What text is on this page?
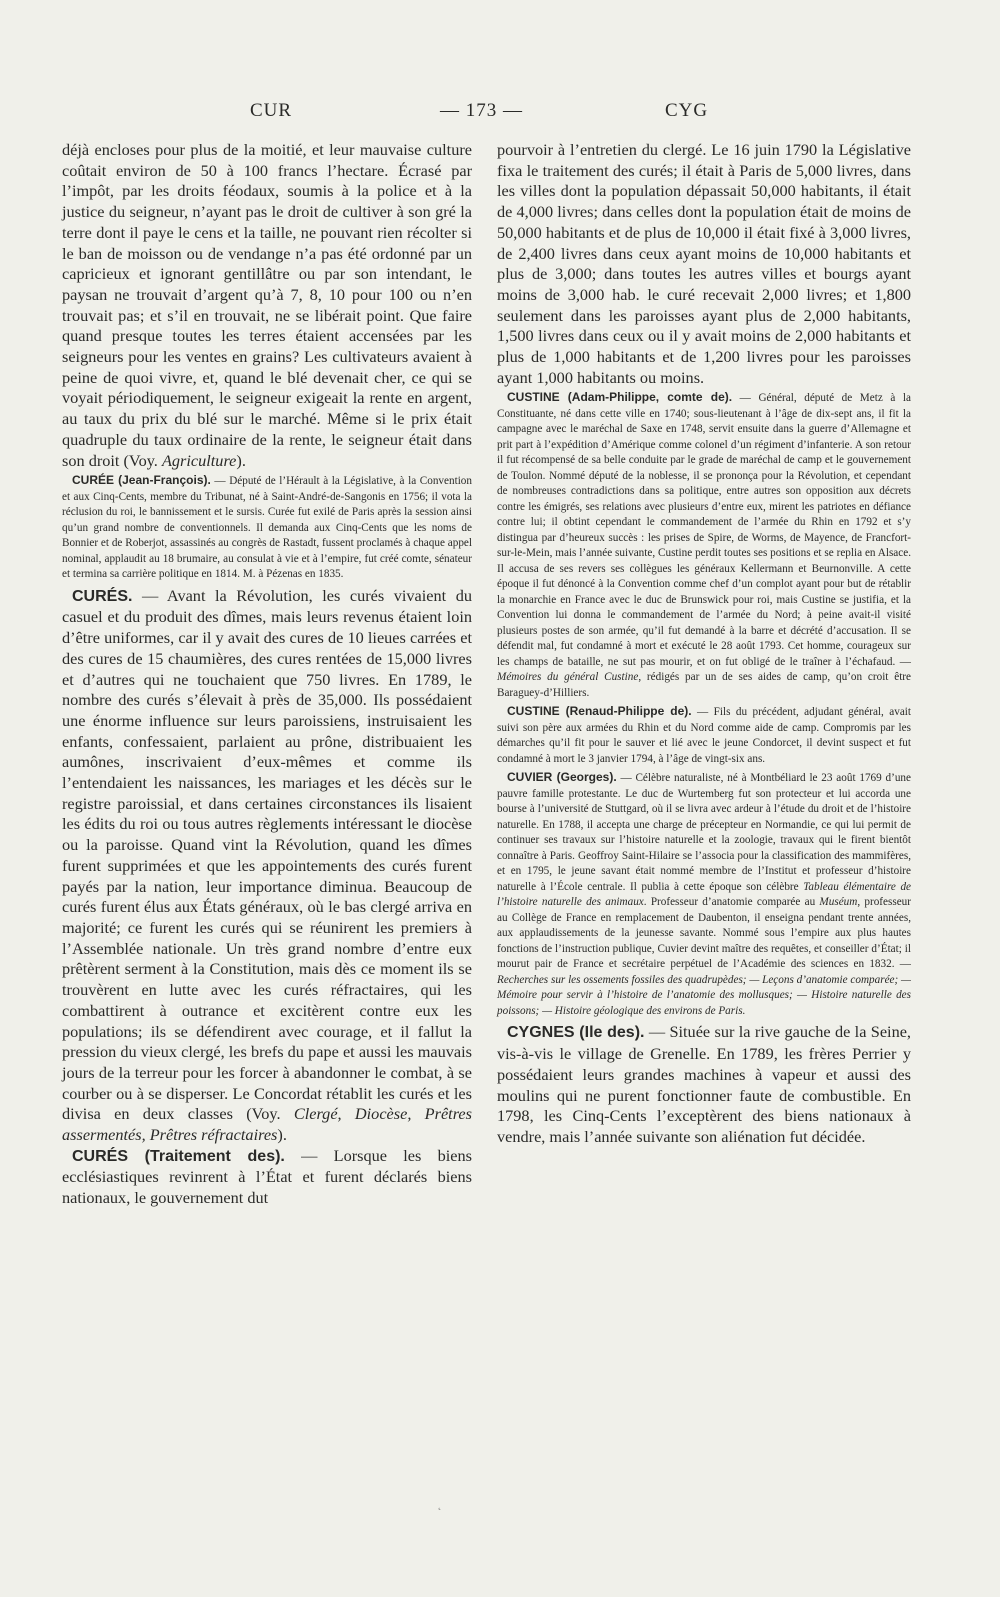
CUR	— 173 —	CYG

déjà encloses pour plus de la moitié, et leur mauvaise culture coûtait environ de 50 à 100 francs l’hectare. Écrasé par l’impôt, par les droits féodaux, soumis à la police et à la justice du seigneur, n’ayant pas le droit de cultiver à son gré la terre dont il paye le cens et la taille, ne pouvant rien récolter si le ban de moisson ou de vendange n’a pas été ordonné par un capricieux et ignorant gentillâtre ou par son intendant, le paysan ne trouvait d’argent qu’à 7, 8, 10 pour 100 ou n’en trouvait pas; et s’il en trouvait, ne se libérait point. Que faire quand presque toutes les terres étaient accensées par les seigneurs pour les ventes en grains? Les cultivateurs avaient à peine de quoi vivre, et, quand le blé devenait cher, ce qui se voyait périodiquement, le seigneur exigeait la rente en argent, au taux du prix du blé sur le marché. Même si le prix était quadruple du taux ordinaire de la rente, le seigneur était dans son droit (Voy. Agriculture).

CURÉE (Jean-François). — Député de l’Hérault à la Législative, à la Convention et aux Cinq-Cents, membre du Tribunat, né à Saint-André-de-Sangonis en 1756; il vota la réclusion du roi, le bannissement et le sursis. Curée fut exilé de Paris après la session ainsi qu’un grand nombre de conventionnels. Il demanda aux Cinq-Cents que les noms de Bonnier et de Roberjot, assassinés au congrès de Rastadt, fussent proclamés à chaque appel nominal, applaudit au 18 brumaire, au consulat à vie et à l’empire, fut créé comte, sénateur et termina sa carrière politique en 1814. M. à Pézenas en 1835.

CURÉS. — Avant la Révolution, les curés vivaient du casuel et du produit des dîmes, mais leurs revenus étaient loin d’être uniformes, car il y avait des cures de 10 lieues carrées et des cures de 15 chaumières, des cures rentées de 15,000 livres et d’autres qui ne touchaient que 750 livres. En 1789, le nombre des curés s’élevait à près de 35,000. Ils possédaient une énorme influence sur leurs paroissiens, instruisaient les enfants, confessaient, parlaient au prône, distribuaient les aumônes, inscrivaient d’eux-mêmes et comme ils l’entendaient les naissances, les mariages et les décès sur le registre paroissial, et dans certaines circonstances ils lisaient les édits du roi ou tous autres règlements intéressant le diocèse ou la paroisse. Quand vint la Révolution, quand les dîmes furent supprimées et que les appointements des curés furent payés par la nation, leur importance diminua. Beaucoup de curés furent élus aux États généraux, où le bas clergé arriva en majorité; ce furent les curés qui se réunirent les premiers à l’Assemblée nationale. Un très grand nombre d’entre eux prêtèrent serment à la Constitution, mais dès ce moment ils se trouvèrent en lutte avec les curés réfractaires, qui les combattirent à outrance et excitèrent contre eux les populations; ils se défendirent avec courage, et il fallut la pression du vieux clergé, les brefs du pape et aussi les mauvais jours de la terreur pour les forcer à abandonner le combat, à se courber ou à se disperser. Le Concordat rétablit les curés et les divisa en deux classes (Voy. Clergé, Diocèse, Prêtres assermentés, Prêtres réfractaires).

CURÉS (Traitement des). — Lorsque les biens ecclésiastiques revinrent à l’État et furent déclarés biens nationaux, le gouvernement dut

pourvoir à l’entretien du clergé. Le 16 juin 1790 la Législative fixa le traitement des curés; il était à Paris de 5,000 livres, dans les villes dont la population dépassait 50,000 habitants, il était de 4,000 livres; dans celles dont la population était de moins de 50,000 habitants et de plus de 10,000 il était fixé à 3,000 livres, de 2,400 livres dans ceux ayant moins de 10,000 habitants et plus de 3,000; dans toutes les autres villes et bourgs ayant moins de 3,000 hab. le curé recevait 2,000 livres; et 1,800 seulement dans les paroisses ayant plus de 2,000 habitants, 1,500 livres dans ceux ou il y avait moins de 2,000 habitants et plus de 1,000 habitants et de 1,200 livres pour les paroisses ayant 1,000 habitants ou moins.

CUSTINE (Adam-Philippe, comte de). — Général, député de Metz à la Constituante, né dans cette ville en 1740; sous-lieutenant à l’âge de dix-sept ans, il fit la campagne avec le maréchal de Saxe en 1748, servit ensuite dans la guerre d’Allemagne et prit part à l’expédition d’Amérique comme colonel d’un régiment d’infanterie. A son retour il fut récompensé de sa belle conduite par le grade de maréchal de camp et le gouvernement de Toulon. Nommé député de la noblesse, il se prononça pour la Révolution, et cependant de nombreuses contradictions dans sa politique, entre autres son opposition aux décrets contre les émigrés, ses relations avec plusieurs d’entre eux, mirent les patriotes en défiance contre lui; il obtint cependant le commandement de l’armée du Rhin en 1792 et s’y distingua par d’heureux succès : les prises de Spire, de Worms, de Mayence, de Francfort-sur-le-Mein, mais l’année suivante, Custine perdit toutes ses positions et se replia en Alsace. Il accusa de ses revers ses collègues les généraux Kellermann et Beurnonville. A cette époque il fut dénoncé à la Convention comme chef d’un complot ayant pour but de rétablir la monarchie en France avec le duc de Brunswick pour roi, mais Custine se justifia, et la Convention lui donna le commandement de l’armée du Nord; à peine avait-il visité plusieurs postes de son armée, qu’il fut demandé à la barre et décrété d’accusation. Il se défendit mal, fut condamné à mort et exécuté le 28 août 1793. Cet homme, courageux sur les champs de bataille, ne sut pas mourir, et on fut obligé de le traîner à l’échafaud. — Mémoires du général Custine, rédigés par un de ses aides de camp, qu’on croit être Baraguey-d’Hilliers.

CUSTINE (Renaud-Philippe de). — Fils du précédent, adjudant général, avait suivi son père aux armées du Rhin et du Nord comme aide de camp. Compromis par les démarches qu’il fit pour le sauver et lié avec le jeune Condorcet, il devint suspect et fut condamné à mort le 3 janvier 1794, à l’âge de vingt-six ans.

CUVIER (Georges). — Célèbre naturaliste, né à Montbéliard le 23 août 1769 d’une pauvre famille protestante. Le duc de Wurtemberg fut son protecteur et lui accorda une bourse à l’université de Stuttgard, où il se livra avec ardeur à l’étude du droit et de l’histoire naturelle. En 1788, il accepta une charge de précepteur en Normandie, ce qui lui permit de continuer ses travaux sur l’histoire naturelle et la zoologie, travaux qui le firent bientôt connaître à Paris. Geoffroy Saint-Hilaire se l’associa pour la classification des mammifères, et en 1795, le jeune savant était nommé membre de l’Institut et professeur d’histoire naturelle à l’École centrale. Il publia à cette époque son célèbre Tableau élémentaire de l’histoire naturelle des animaux. Professeur d’anatomie comparée au Muséum, professeur au Collège de France en remplacement de Daubenton, il enseigna pendant trente années, aux applaudissements de la jeunesse savante. Nommé sous l’empire aux plus hautes fonctions de l’instruction publique, Cuvier devint maître des requêtes, et conseiller d’État; il mourut pair de France et secrétaire perpétuel de l’Académie des sciences en 1832. — Recherches sur les ossements fossiles des quadrupèdes; — Leçons d’anatomie comparée; — Mémoire pour servir à l’histoire de l’anatomie des mollusques; — Histoire naturelle des poissons; — Histoire géologique des environs de Paris.

CYGNES (Ile des). — Située sur la rive gauche de la Seine, vis-à-vis le village de Grenelle. En 1789, les frères Perrier y possédaient leurs grandes machines à vapeur et aussi des moulins qui ne purent fonctionner faute de combustible. En 1798, les Cinq-Cents l’exceptèrent des biens nationaux à vendre, mais l’année suivante son aliénation fut décidée.

˛
